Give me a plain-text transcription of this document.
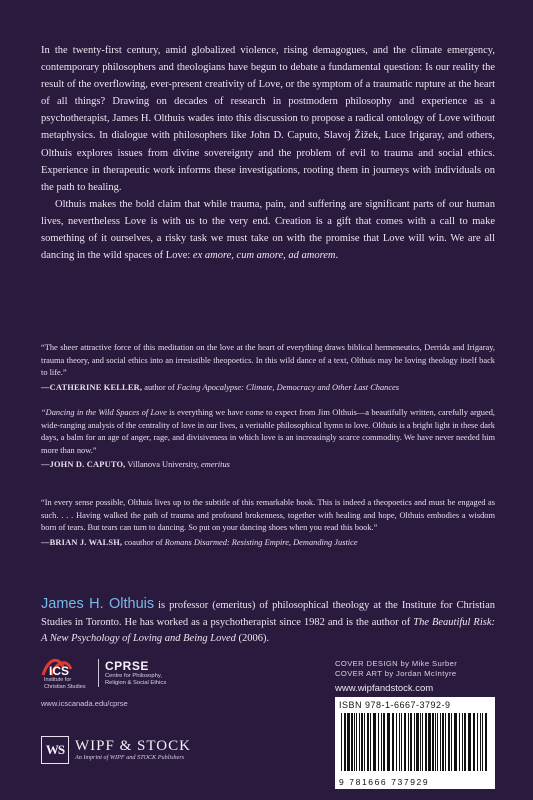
In the twenty-first century, amid globalized violence, rising demagogues, and the climate emergency, contemporary philosophers and theologians have begun to debate a fundamental question: Is our reality the result of the overflowing, ever-present creativity of Love, or the symptom of a traumatic rupture at the heart of all things? Drawing on decades of research in postmodern philosophy and experience as a psychotherapist, James H. Olthuis wades into this discussion to propose a radical ontology of Love without metaphysics. In dialogue with philosophers like John D. Caputo, Slavoj Žižek, Luce Irigaray, and others, Olthuis explores issues from divine sovereignty and the problem of evil to trauma and social ethics. Experience in therapeutic work informs these investigations, rooting them in journeys with individuals on the path to healing.

Olthuis makes the bold claim that while trauma, pain, and suffering are significant parts of our human lives, nevertheless Love is with us to the very end. Creation is a gift that comes with a call to make something of it ourselves, a risky task we must take on with the promise that Love will win. We are all dancing in the wild spaces of Love: ex amore, cum amore, ad amorem.

“The sheer attractive force of this meditation on the love at the heart of everything draws biblical hermeneutics, Derrida and Irigaray, trauma theory, and social ethics into an irresistible theopoetics. In this wild dance of a text, Olthuis may be loving theology itself back to life.”

—CATHERINE KELLER, author of Facing Apocalypse: Climate, Democracy and Other Last Chances

“Dancing in the Wild Spaces of Love is everything we have come to expect from Jim Olthuis—a beautifully written, carefully argued, wide-ranging analysis of the centrality of love in our lives, a veritable philosophical hymn to love. Olthuis is a bright light in these dark days, a balm for an age of anger, rage, and divisiveness in which love is an increasingly scarce commodity. We have never needed him more than now.”

—JOHN D. CAPUTO, Villanova University, emeritus

“In every sense possible, Olthuis lives up to the subtitle of this remarkable book. This is indeed a theopoetics and must be engaged as such. . . . Having walked the path of trauma and profound brokenness, together with healing and hope, Olthuis embodies a wisdom born of tears. But tears can turn to dancing. So put on your dancing shoes when you read this book.”

—BRIAN J. WALSH, coauthor of Romans Disarmed: Resisting Empire, Demanding Justice

James H. Olthuis is professor (emeritus) of philosophical theology at the Institute for Christian Studies in Toronto. He has worked as a psychotherapist since 1982 and is the author of The Beautiful Risk: A New Psychology of Loving and Being Loved (2006).
ICS
Institute for Christian Studies
CPRSE
Centre for Philosophy, Religion & Social Ethics
www.icscanada.edu/cprse
WS WIPF & STOCK
An Imprint of WIPF and STOCK Publishers
COVER DESIGN by Mike Surber
COVER ART by Jordan McIntyre
www.wipfandstock.com
ISBN 978-1-6667-3792-9
9 781666 737929
